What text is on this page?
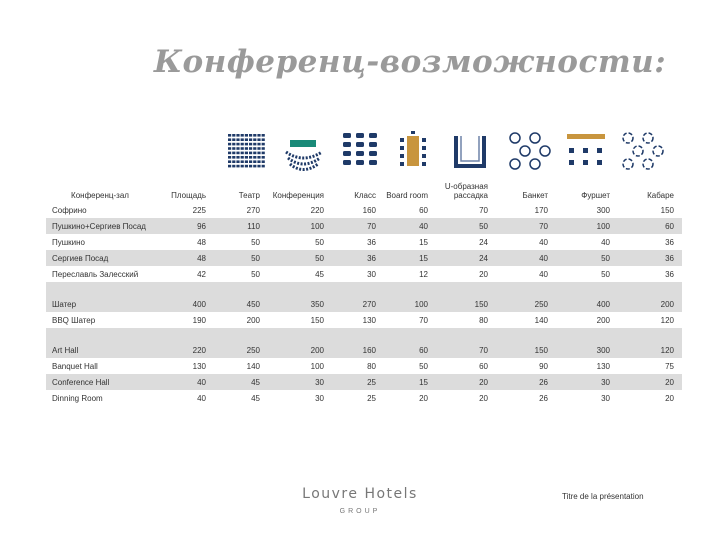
Конференц-возможности:
Конференц-зал	Площадь	Театр	Конференция	Класс	Board room	U-образная рассадка	Банкет	Фуршет	Кабаре
Софрино	225	270	220	160	60	70	170	300	150
Пушкино+Сергиев Посад	96	110	100	70	40	50	70	100	60
Пушкино	48	50	50	36	15	24	40	40	36
Сергиев Посад	48	50	50	36	15	24	40	50	36
Переславль Залесский	42	50	45	30	12	20	40	50	36

Шатер	400	450	350	270	100	150	250	400	200
BBQ Шатер	190	200	150	130	70	80	140	200	120

Art Hall	220	250	200	160	60	70	150	300	120
Banquet Hall	130	140	100	80	50	60	90	130	75
Conference Hall	40	45	30	25	15	20	26	30	20
Dinning Room	40	45	30	25	20	20	26	30	20
Louvre Hotels
GROUP
Titre de la présentation
